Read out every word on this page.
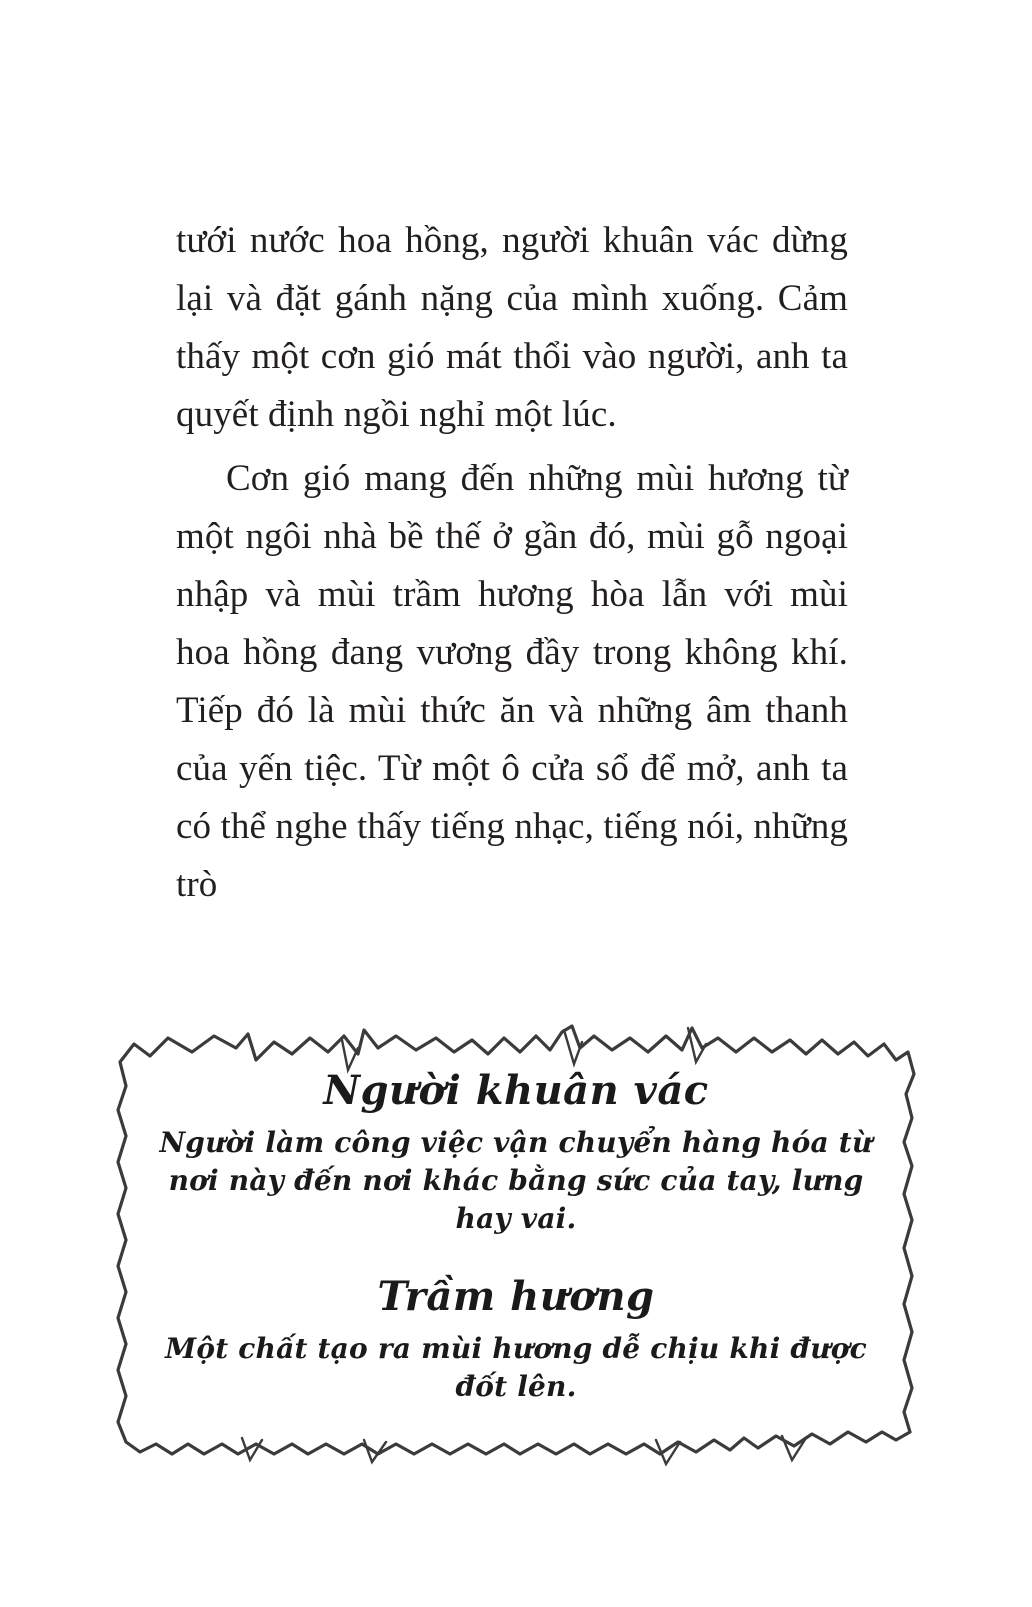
tưới nước hoa hồng, người khuân vác dừng lại và đặt gánh nặng của mình xuống. Cảm thấy một cơn gió mát thổi vào người, anh ta quyết định ngồi nghỉ một lúc.

Cơn gió mang đến những mùi hương từ một ngôi nhà bề thế ở gần đó, mùi gỗ ngoại nhập và mùi trầm hương hòa lẫn với mùi hoa hồng đang vương đầy trong không khí. Tiếp đó là mùi thức ăn và những âm thanh của yến tiệc. Từ một ô cửa sổ để mở, anh ta có thể nghe thấy tiếng nhạc, tiếng nói, những trò

Người khuân vác

Người làm công việc vận chuyển hàng hóa từ nơi này đến nơi khác bằng sức của tay, lưng hay vai.

Trầm hương

Một chất tạo ra mùi hương dễ chịu khi được đốt lên.
